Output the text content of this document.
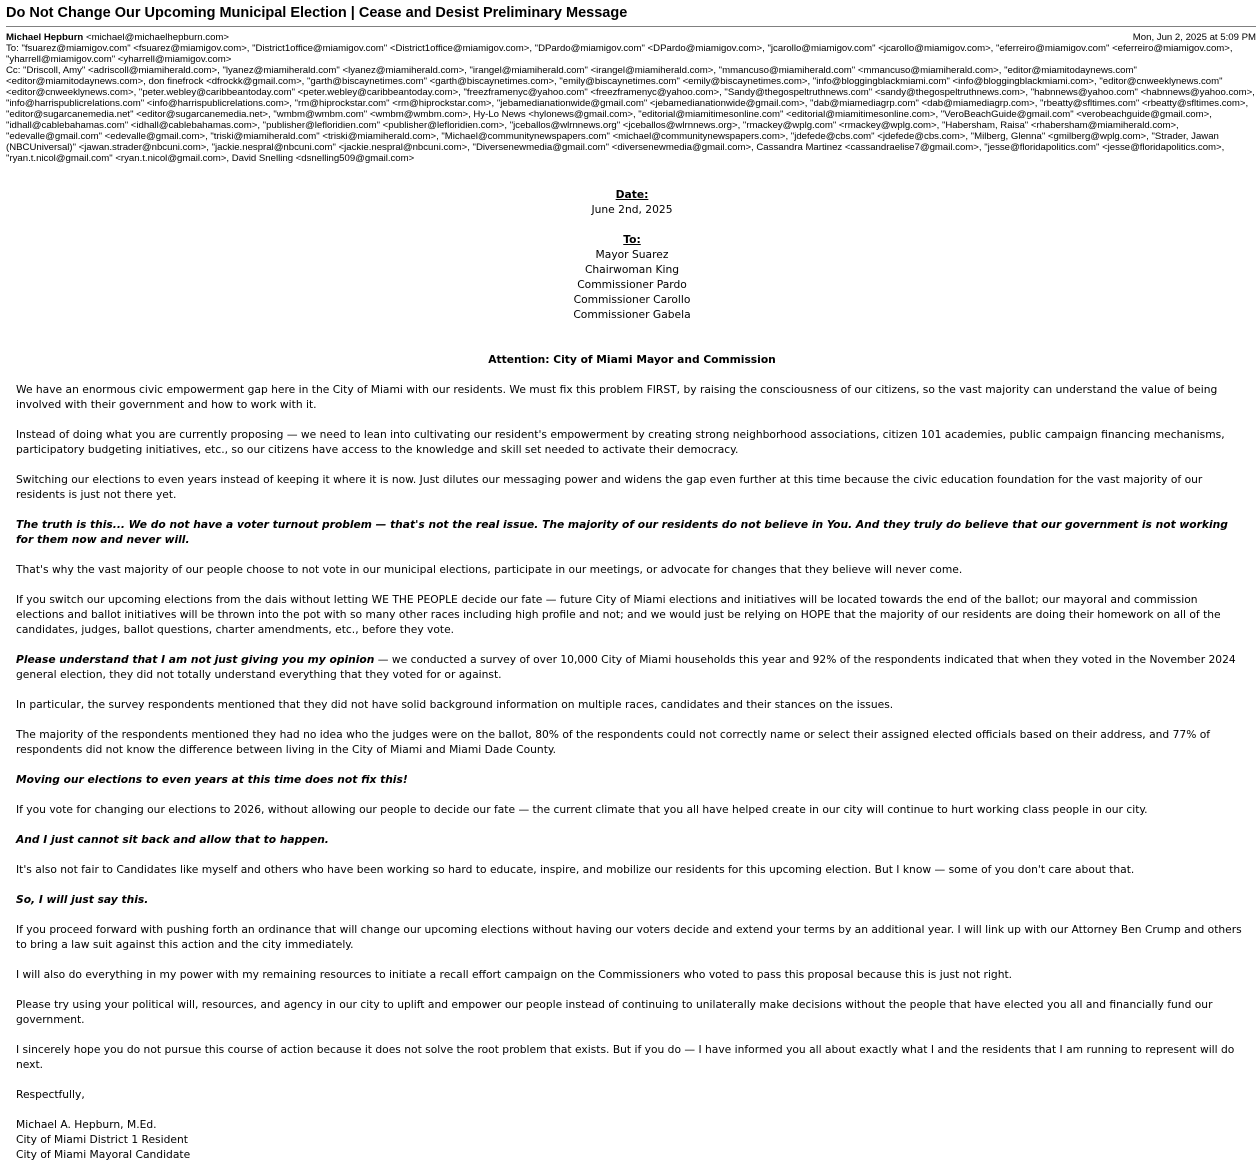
Do Not Change Our Upcoming Municipal Election | Cease and Desist Preliminary Message
Michael Hepburn <michael@michaelhepburn.com>	Mon, Jun 2, 2025 at 5:09 PM

To: "fsuarez@miamigov.com" <fsuarez@miamigov.com>, "District1office@miamigov.com" <District1office@miamigov.com>, "DPardo@miamigov.com" <DPardo@miamigov.com>, "jcarollo@miamigov.com" <jcarollo@miamigov.com>, "eferreiro@miamigov.com" <eferreiro@miamigov.com>, "yharrell@miamigov.com" <yharrell@miamigov.com>

Cc: "Driscoll, Amy" <adriscoll@miamiherald.com>, "lyanez@miamiherald.com" <lyanez@miamiherald.com>, "irangel@miamiherald.com" <irangel@miamiherald.com>, "mmancuso@miamiherald.com" <mmancuso@miamiherald.com>, "editor@miamitodaynews.com" <editor@miamitodaynews.com>, don finefrock <dfrockk@gmail.com>, "garth@biscaynetimes.com" <garth@biscaynetimes.com>, "emily@biscaynetimes.com" <emily@biscaynetimes.com>, "info@bloggingblackmiami.com" <info@bloggingblackmiami.com>, "editor@cnweeklynews.com" <editor@cnweeklynews.com>, "peter.webley@caribbeantoday.com" <peter.webley@caribbeantoday.com>, "freezframenyc@yahoo.com" <freezframenyc@yahoo.com>, "Sandy@thegospeltruthnews.com" <sandy@thegospeltruthnews.com>, "habnnews@yahoo.com" <habnnews@yahoo.com>, "info@harrispublicrelations.com" <info@harrispublicrelations.com>, "rm@hiprockstar.com" <rm@hiprockstar.com>, "jebamedianationwide@gmail.com" <jebamedianationwide@gmail.com>, "dab@miamediagrp.com" <dab@miamediagrp.com>, "rbeatty@sfltimes.com" <rbeatty@sfltimes.com>, "editor@sugarcanemedia.net" <editor@sugarcanemedia.net>, "wmbm@wmbm.com" <wmbm@wmbm.com>, Hy-Lo News <hylonews@gmail.com>, "editorial@miamitimesonline.com" <editorial@miamitimesonline.com>, "VeroBeachGuide@gmail.com" <verobeachguide@gmail.com>, "idhall@cablebahamas.com" <idhall@cablebahamas.com>, "publisher@lefloridien.com" <publisher@lefloridien.com>, "jceballos@wlrnnews.org" <jceballos@wlrnnews.org>, "rmackey@wplg.com" <rmackey@wplg.com>, "Habersham, Raisa" <rhabersham@miamiherald.com>, "edevalle@gmail.com" <edevalle@gmail.com>, "triski@miamiherald.com" <triski@miamiherald.com>, "Michael@communitynewspapers.com" <michael@communitynewspapers.com>, "jdefede@cbs.com" <jdefede@cbs.com>, "Milberg, Glenna" <gmilberg@wplg.com>, "Strader, Jawan (NBCUniversal)" <jawan.strader@nbcuni.com>, "jackie.nespral@nbcuni.com" <jackie.nespral@nbcuni.com>, "Diversenewmedia@gmail.com" <diversenewmedia@gmail.com>, Cassandra Martinez <cassandraelise7@gmail.com>, "jesse@floridapolitics.com" <jesse@floridapolitics.com>, "ryan.t.nicol@gmail.com" <ryan.t.nicol@gmail.com>, David Snelling <dsnelling509@gmail.com>

Date:
June 2nd, 2025
To:
Mayor Suarez
Chairwoman King
Commissioner Pardo
Commissioner Carollo
Commissioner Gabela
Attention: City of Miami Mayor and Commission

We have an enormous civic empowerment gap here in the City of Miami with our residents. We must fix this problem FIRST, by raising the consciousness of our citizens, so the vast majority can understand the value of being involved with their government and how to work with it.

Instead of doing what you are currently proposing — we need to lean into cultivating our resident's empowerment by creating strong neighborhood associations, citizen 101 academies, public campaign financing mechanisms, participatory budgeting initiatives, etc., so our citizens have access to the knowledge and skill set needed to activate their democracy.

Switching our elections to even years instead of keeping it where it is now. Just dilutes our messaging power and widens the gap even further at this time because the civic education foundation for the vast majority of our residents is just not there yet.

The truth is this... We do not have a voter turnout problem — that's not the real issue. The majority of our residents do not believe in You. And they truly do believe that our government is not working for them now and never will.

That's why the vast majority of our people choose to not vote in our municipal elections, participate in our meetings, or advocate for changes that they believe will never come.

If you switch our upcoming elections from the dais without letting WE THE PEOPLE decide our fate — future City of Miami elections and initiatives will be located towards the end of the ballot; our mayoral and commission elections and ballot initiatives will be thrown into the pot with so many other races including high profile and not; and we would just be relying on HOPE that the majority of our residents are doing their homework on all of the candidates, judges, ballot questions, charter amendments, etc., before they vote.

Please understand that I am not just giving you my opinion — we conducted a survey of over 10,000 City of Miami households this year and 92% of the respondents indicated that when they voted in the November 2024 general election, they did not totally understand everything that they voted for or against.

In particular, the survey respondents mentioned that they did not have solid background information on multiple races, candidates and their stances on the issues.

The majority of the respondents mentioned they had no idea who the judges were on the ballot, 80% of the respondents could not correctly name or select their assigned elected officials based on their address, and 77% of respondents did not know the difference between living in the City of Miami and Miami Dade County.

Moving our elections to even years at this time does not fix this!

If you vote for changing our elections to 2026, without allowing our people to decide our fate — the current climate that you all have helped create in our city will continue to hurt working class people in our city.

And I just cannot sit back and allow that to happen.

It's also not fair to Candidates like myself and others who have been working so hard to educate, inspire, and mobilize our residents for this upcoming election. But I know — some of you don't care about that.

So, I will just say this.

If you proceed forward with pushing forth an ordinance that will change our upcoming elections without having our voters decide and extend your terms by an additional year. I will link up with our Attorney Ben Crump and others to bring a law suit against this action and the city immediately.

I will also do everything in my power with my remaining resources to initiate a recall effort campaign on the Commissioners who voted to pass this proposal because this is just not right.

Please try using your political will, resources, and agency in our city to uplift and empower our people instead of continuing to unilaterally make decisions without the people that have elected you all and financially fund our government.

I sincerely hope you do not pursue this course of action because it does not solve the root problem that exists. But if you do — I have informed you all about exactly what I and the residents that I am running to represent will do next.

Respectfully,

Michael A. Hepburn, M.Ed.
City of Miami District 1 Resident
City of Miami Mayoral Candidate
